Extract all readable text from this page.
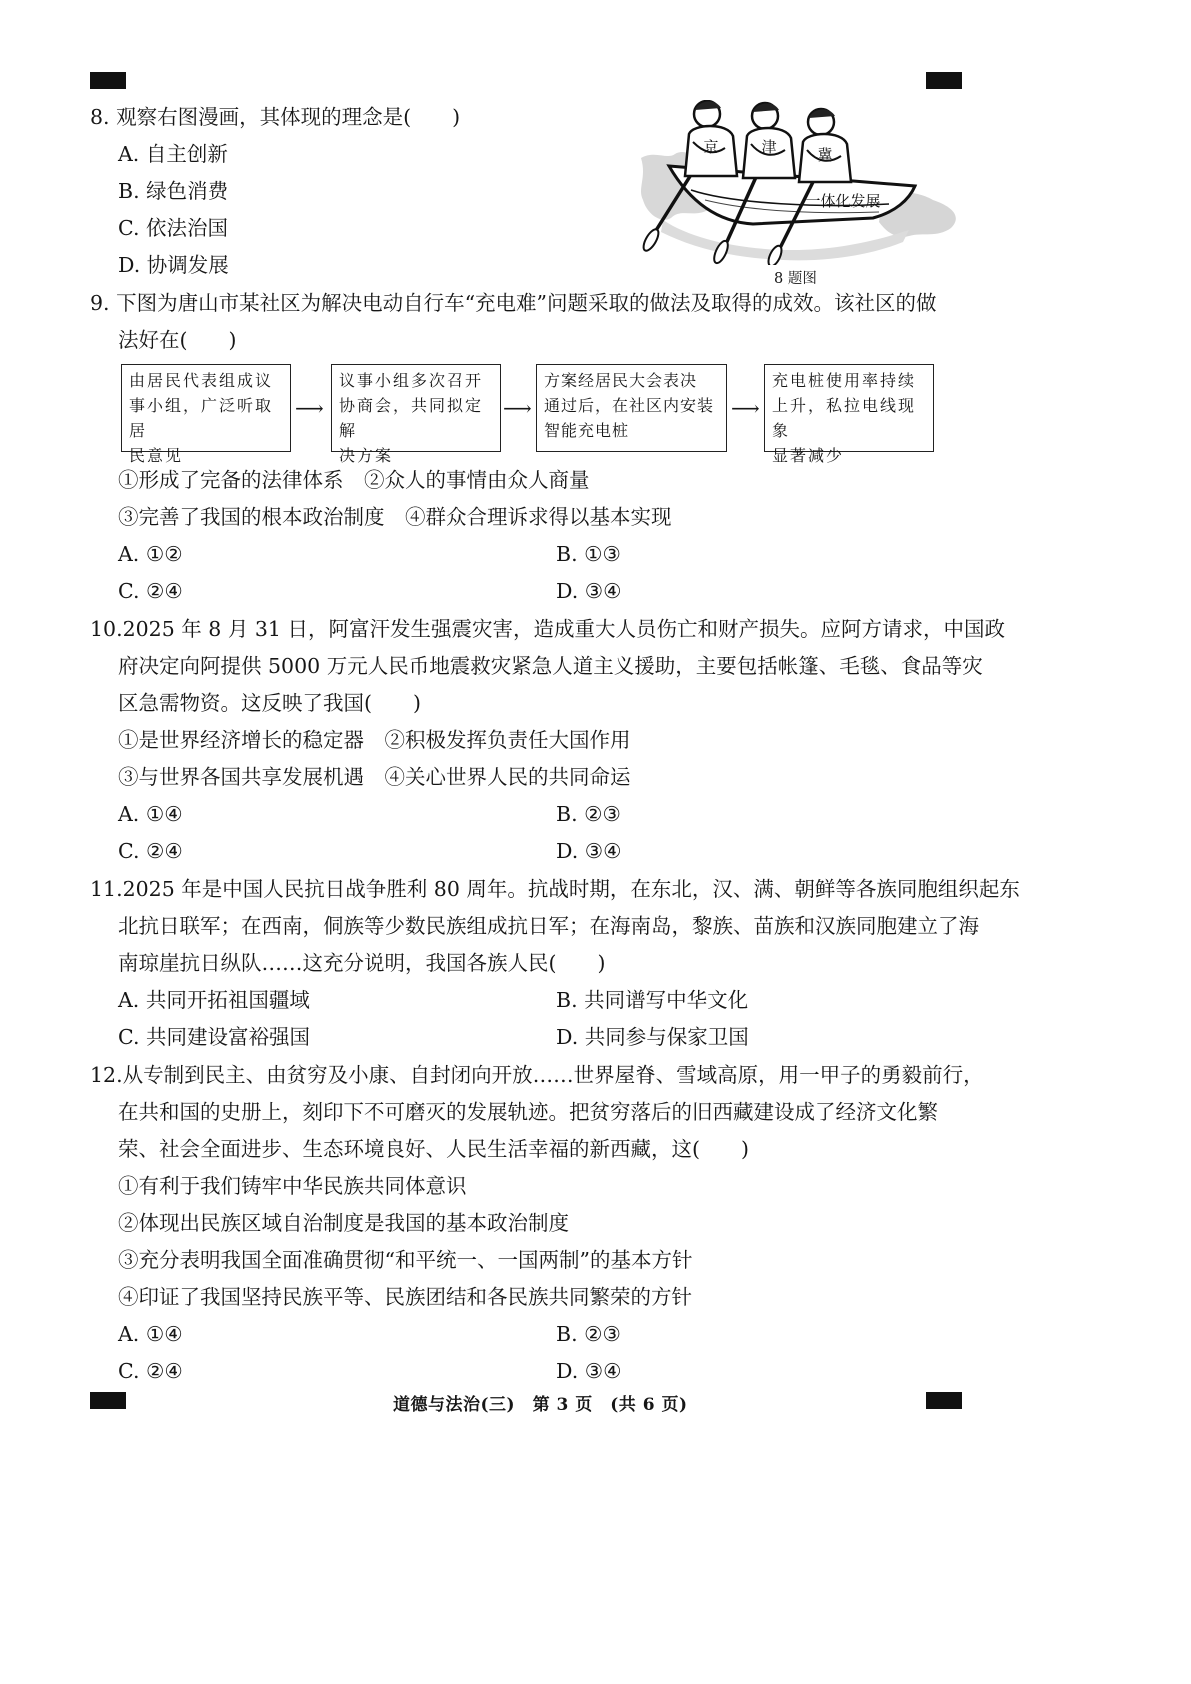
8. 观察右图漫画，其体现的理念是(　　)
A. 自主创新
B. 绿色消费
C. 依法治国
D. 协调发展
京	津	冀
一体化发展
8 题图
9. 下图为唐山市某社区为解决电动自行车“充电难”问题采取的做法及取得的成效。该社区的做
法好在(　　)
由居民代表组成议
事小组，广泛听取居
民意见
⟶
议事小组多次召开
协商会，共同拟定解
决方案
⟶
方案经居民大会表决
通过后，在社区内安装
智能充电桩
⟶
充电桩使用率持续
上升，私拉电线现象
显著减少
①形成了完备的法律体系　②众人的事情由众人商量
③完善了我国的根本政治制度　④群众合理诉求得以基本实现
A. ①②	B. ①③
C. ②④	D. ③④
10.2025 年 8 月 31 日，阿富汗发生强震灾害，造成重大人员伤亡和财产损失。应阿方请求，中国政
府决定向阿提供 5000 万元人民币地震救灾紧急人道主义援助，主要包括帐篷、毛毯、食品等灾
区急需物资。这反映了我国(　　)
①是世界经济增长的稳定器　②积极发挥负责任大国作用
③与世界各国共享发展机遇　④关心世界人民的共同命运
A. ①④	B. ②③
C. ②④	D. ③④
11.2025 年是中国人民抗日战争胜利 80 周年。抗战时期，在东北，汉、满、朝鲜等各族同胞组织起东
北抗日联军；在西南，侗族等少数民族组成抗日军；在海南岛，黎族、苗族和汉族同胞建立了海
南琼崖抗日纵队……这充分说明，我国各族人民(　　)
A. 共同开拓祖国疆域	B. 共同谱写中华文化
C. 共同建设富裕强国	D. 共同参与保家卫国
12.从专制到民主、由贫穷及小康、自封闭向开放……世界屋脊、雪域高原，用一甲子的勇毅前行，
在共和国的史册上，刻印下不可磨灭的发展轨迹。把贫穷落后的旧西藏建设成了经济文化繁
荣、社会全面进步、生态环境良好、人民生活幸福的新西藏，这(　　)
①有利于我们铸牢中华民族共同体意识
②体现出民族区域自治制度是我国的基本政治制度
③充分表明我国全面准确贯彻“和平统一、一国两制”的基本方针
④印证了我国坚持民族平等、民族团结和各民族共同繁荣的方针
A. ①④	B. ②③
C. ②④	D. ③④
道德与法治(三)　第 3 页　(共 6 页)
